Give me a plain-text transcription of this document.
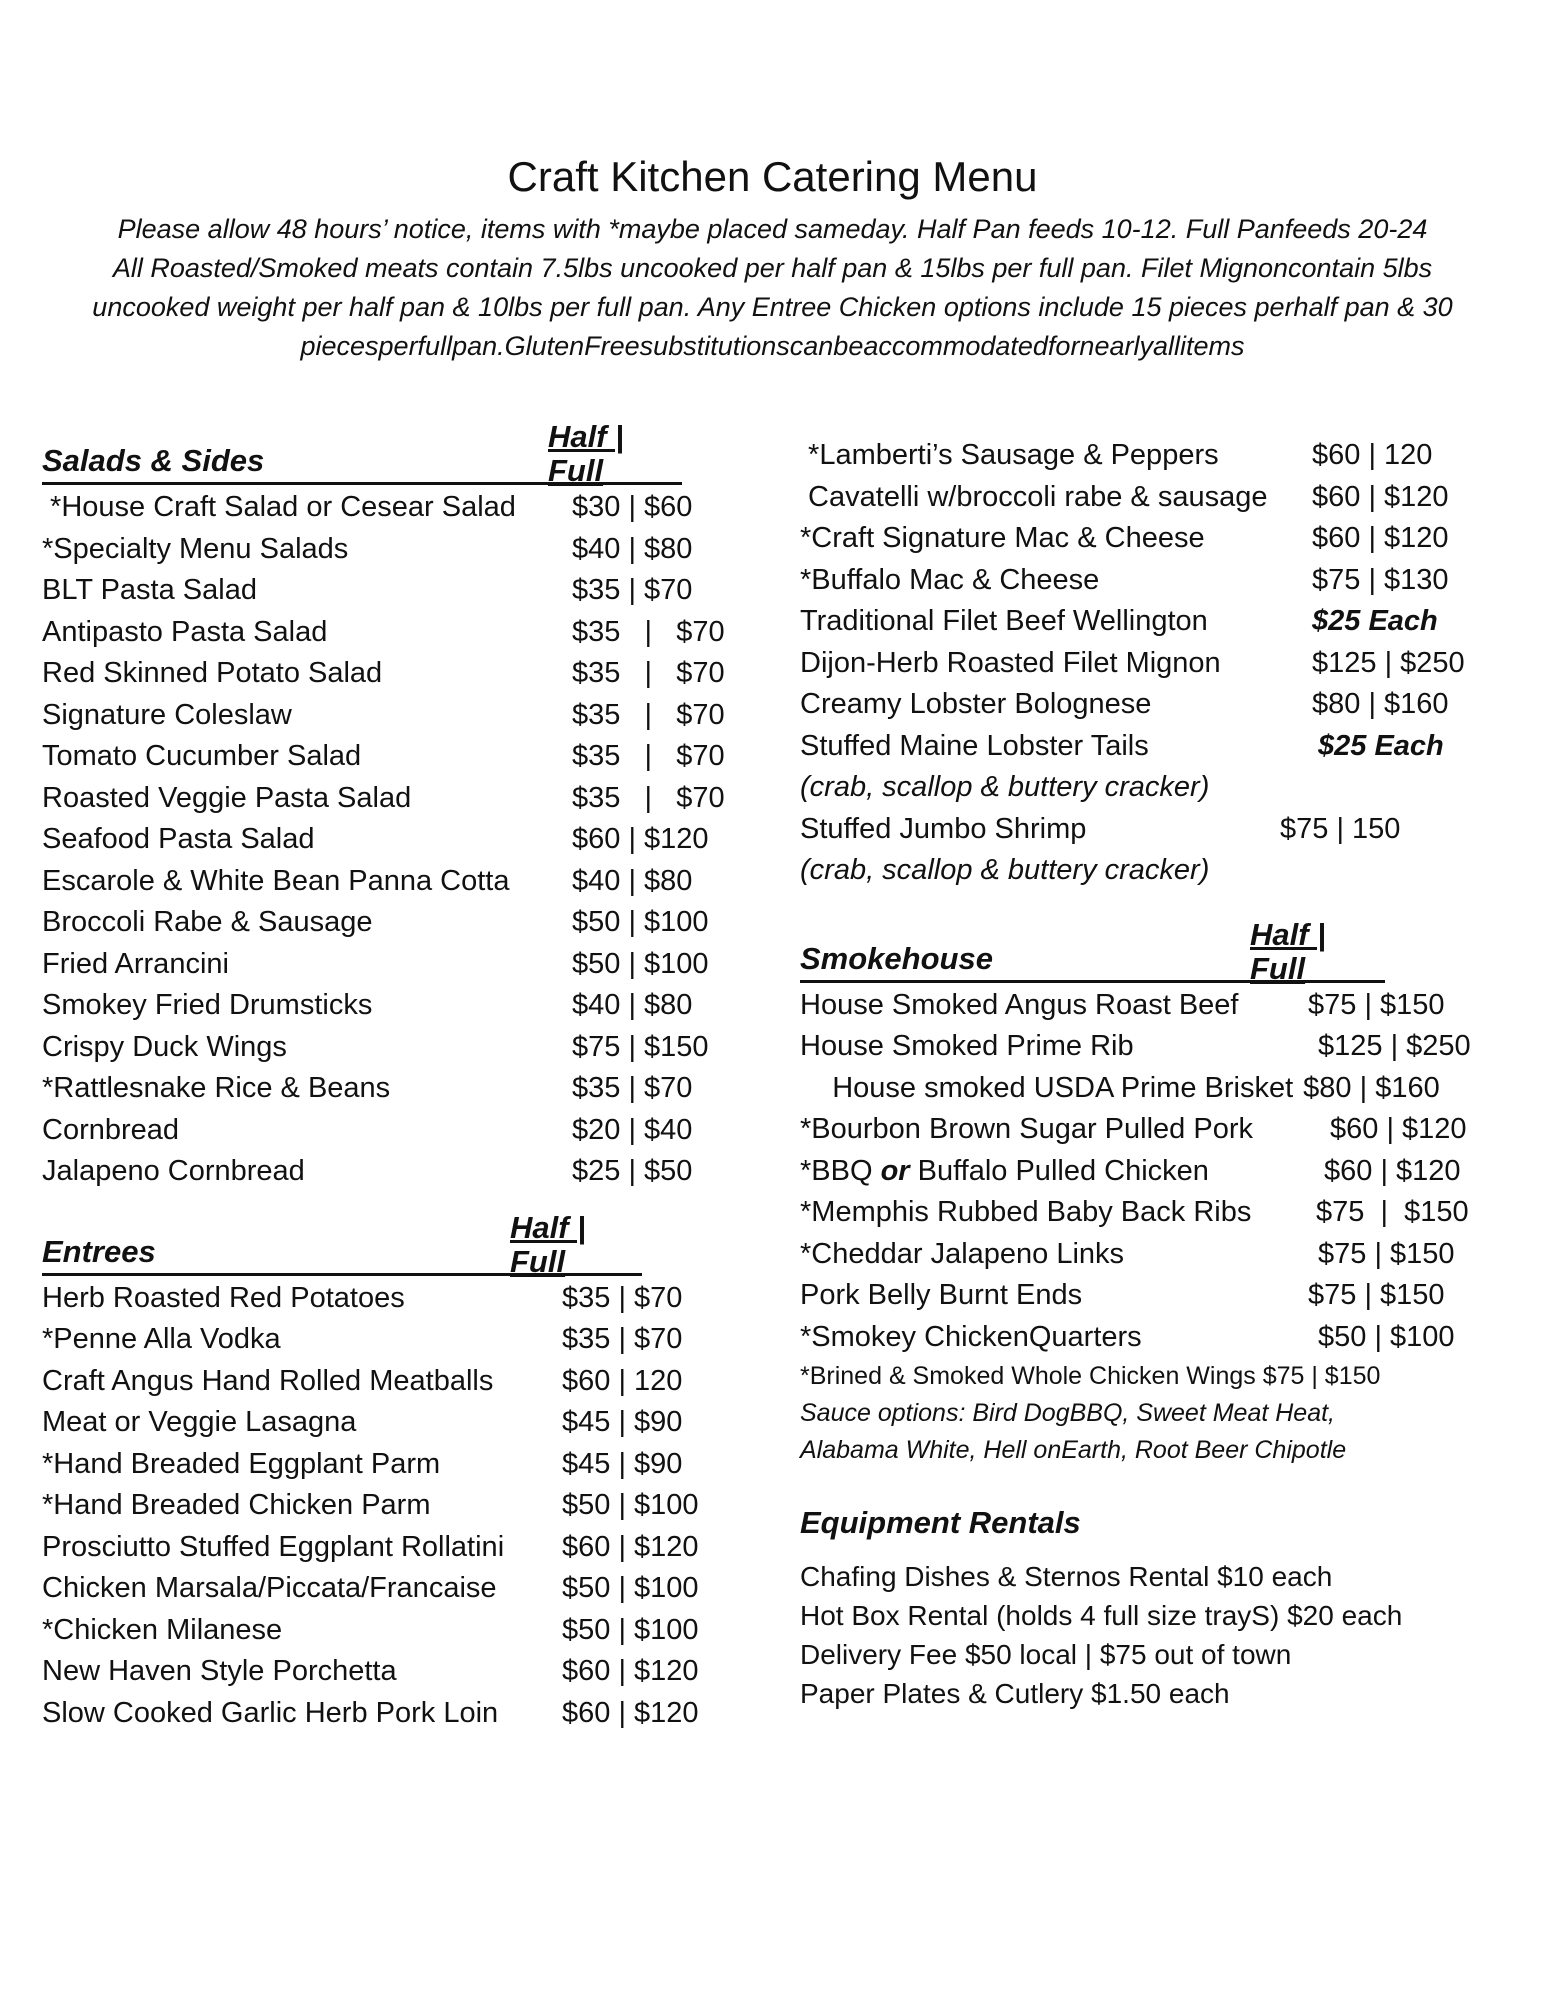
Craft Kitchen Catering Menu
Please allow 48 hours’ notice, items with *maybe placed sameday. Half Pan feeds 10-12. Full Panfeeds 20-24
All Roasted/Smoked meats contain 7.5lbs uncooked per half pan & 15lbs per full pan. Filet Mignoncontain 5lbs
uncooked weight per half pan & 10lbs per full pan. Any Entree Chicken options include 15 pieces perhalf pan & 30
piecesperfullpan.GlutenFreesubstitutionscanbeaccommodatedfornearlyallitems
Salads & Sides
Half | Full
*House Craft Salad or Cesear Salad $30 | $60
*Specialty Menu Salads	$40 | $80
BLT Pasta Salad	$35 | $70
Antipasto Pasta Salad	$35   |   $70
Red Skinned Potato Salad	$35   |   $70
Signature Coleslaw	$35   |   $70
Tomato Cucumber Salad	$35   |   $70
Roasted Veggie Pasta Salad	$35   |   $70
Seafood Pasta Salad	$60 | $120
Escarole & White Bean Panna Cotta $40 | $80
Broccoli Rabe & Sausage	$50 | $100
Fried Arrancini	$50 | $100
Smokey Fried Drumsticks	$40 | $80
Crispy Duck Wings	$75 | $150
*Rattlesnake Rice & Beans	$35 | $70
Cornbread	$20 | $40
Jalapeno Cornbread	$25 | $50
Entrees
Half | Full
Herb Roasted Red Potatoes	$35 | $70
*Penne Alla Vodka	$35 | $70
Craft Angus Hand Rolled Meatballs $60 | 120
Meat or Veggie Lasagna	$45 | $90
*Hand Breaded Eggplant Parm	$45 | $90
*Hand Breaded Chicken Parm	$50 | $100
Prosciutto Stuffed Eggplant Rollatini $60 | $120
Chicken Marsala/Piccata/Francaise $50 | $100
*Chicken Milanese	$50 | $100
New Haven Style Porchetta	$60 | $120
Slow Cooked Garlic Herb Pork Loin $60 | $120
*Lamberti’s Sausage & Peppers	$60 | 120
Cavatelli w/broccoli rabe & sausage $60 | $120
*Craft Signature Mac & Cheese	$60 | $120
*Buffalo Mac & Cheese	$75 | $130
Traditional Filet Beef Wellington	$25 Each
Dijon-Herb Roasted Filet Mignon	$125 | $250
Creamy Lobster Bolognese	$80 | $160
Stuffed Maine Lobster Tails	$25 Each
(crab, scallop & buttery cracker)
Stuffed Jumbo Shrimp	$75 | 150
(crab, scallop & buttery cracker)
Smokehouse
Half | Full
House Smoked Angus Roast Beef $75 | $150
House Smoked Prime Rib	$125 | $250
House smoked USDA Prime Brisket $80 | $160
*Bourbon Brown Sugar Pulled Pork	$60 | $120
*BBQ or Buffalo Pulled Chicken	$60 | $120
*Memphis Rubbed Baby Back Ribs $75  |  $150
*Cheddar Jalapeno Links	$75 | $150
Pork Belly Burnt Ends	$75 | $150
*Smokey ChickenQuarters	$50 | $100
*Brined & Smoked Whole Chicken Wings $75 | $150
Sauce options: Bird DogBBQ, Sweet Meat Heat,
Alabama White, Hell onEarth, Root Beer Chipotle
Equipment Rentals
Chafing Dishes & Sternos Rental $10 each
Hot Box Rental (holds 4 full size trayS) $20 each
Delivery Fee $50 local | $75 out of town
Paper Plates & Cutlery $1.50 each
